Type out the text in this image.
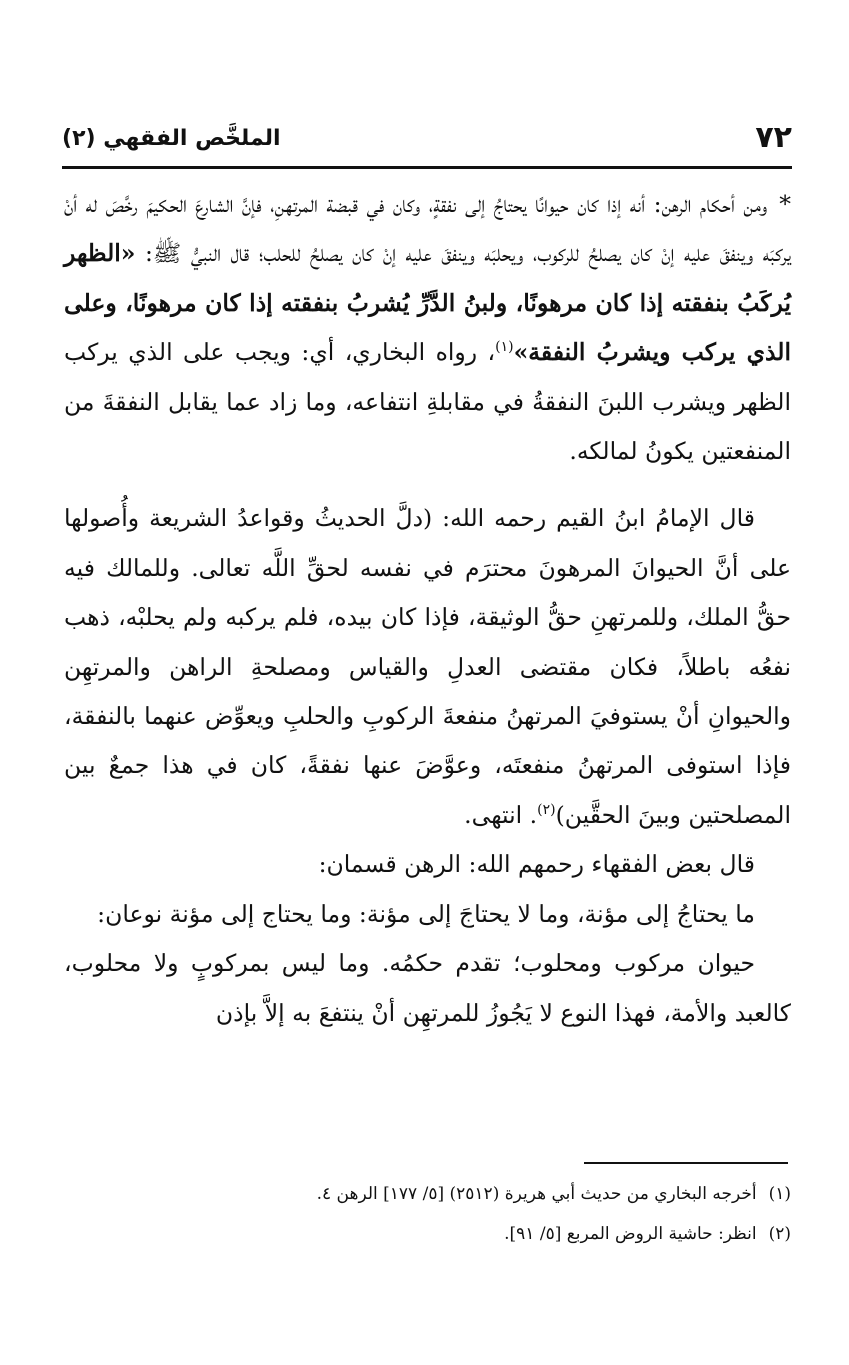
٧٢
الملخَّص الفقهي (٢)

*ومن أحكام الرهن: أنه إذا كان حيوانًا يحتاجُ إلى نفقةٍ، وكان في قبضة المرتهنِ، فإنَّ الشارعَ الحكيمَ رخَّصَ له أنْ يركبَه وينفقَ عليه إنْ كان يصلحُ للركوب، ويحلبَه وينفقَ عليه إنْ كان يصلحُ للحلب؛ قال النبيُّ ﷺ: «الظهر يُركَبُ بنفقته إذا كان مرهونًا، ولبنُ الدَّرِّ يُشربُ بنفقته إذا كان مرهونًا، وعلى الذي يركب ويشربُ النفقة»$^{(١)}$، رواه البخاري، أي: ويجب على الذي يركب الظهر ويشرب اللبنَ النفقةُ في مقابلةِ انتفاعه، وما زاد عما يقابل النفقةَ من المنفعتين يكونُ لمالكه.

قال الإمامُ ابنُ القيم رحمه الله: (دلَّ الحديثُ وقواعدُ الشريعة وأُصولها على أنَّ الحيوانَ المرهونَ محترَم في نفسه لحقِّ اللَّه تعالى. وللمالك فيه حقُّ الملك، وللمرتهنِ حقُّ الوثيقة، فإذا كان بيده، فلم يركبه ولم يحلبْه، ذهب نفعُه باطلاً، فكان مقتضى العدلِ والقياس ومصلحةِ الراهن والمرتهِن والحيوانِ أنْ يستوفيَ المرتهنُ منفعةَ الركوبِ والحلبِ ويعوِّض عنهما بالنفقة، فإذا استوفى المرتهنُ منفعتَه، وعوَّضَ عنها نفقةً، كان في هذا جمعٌ بين المصلحتين وبينَ الحقَّين)$^{(٢)}$. انتهى.

قال بعض الفقهاء رحمهم الله: الرهن قسمان:

ما يحتاجُ إلى مؤنة، وما لا يحتاجَ إلى مؤنة: وما يحتاج إلى مؤنة نوعان:

حيوان مركوب ومحلوب؛ تقدم حكمُه. وما ليس بمركوبٍ ولا محلوب، كالعبد والأمة، فهذا النوع لا يَجُوزُ للمرتهِن أنْ ينتفعَ به إلاَّ بإذن

(١)أخرجه البخاري من حديث أبي هريرة (٢٥١٢) [٥/ ١٧٧] الرهن ٤.

(٢)انظر: حاشية الروض المربع [٥/ ٩١].
